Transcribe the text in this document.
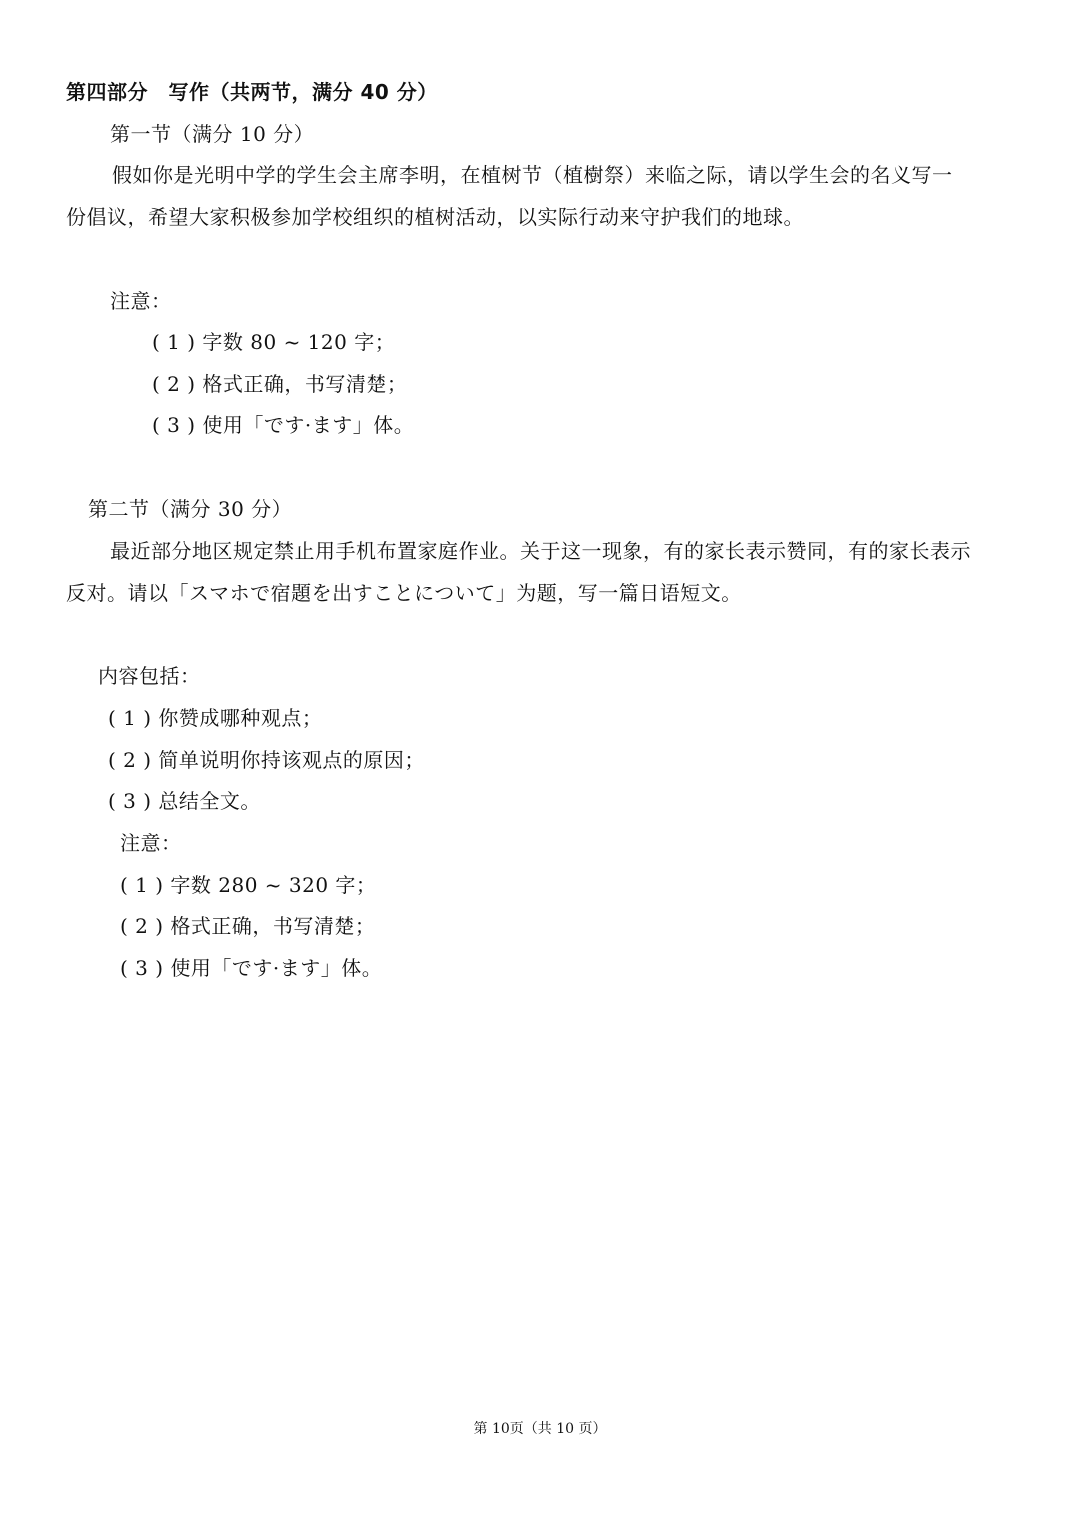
第四部分　写作（共两节，满分 40 分）
第一节（满分 10 分）
假如你是光明中学的学生会主席李明，在植树节（植樹祭）来临之际，请以学生会的名义写一
份倡议，希望大家积极参加学校组织的植树活动，以实际行动来守护我们的地球。
注意：
( 1 ) 字数 80 ~ 120 字；
( 2 ) 格式正确，书写清楚；
( 3 ) 使用「です·ます」体。
第二节（满分 30 分）
最近部分地区规定禁止用手机布置家庭作业。关于这一现象，有的家长表示赞同，有的家长表示
反对。请以「スマホで宿題を出すことについて」为题，写一篇日语短文。
内容包括：
( 1 ) 你赞成哪种观点；
( 2 ) 简单说明你持该观点的原因；
( 3 ) 总结全文。
注意：
( 1 ) 字数 280 ~ 320 字；
( 2 ) 格式正确，书写清楚；
( 3 ) 使用「です·ます」体。
第 10页（共 10 页）
